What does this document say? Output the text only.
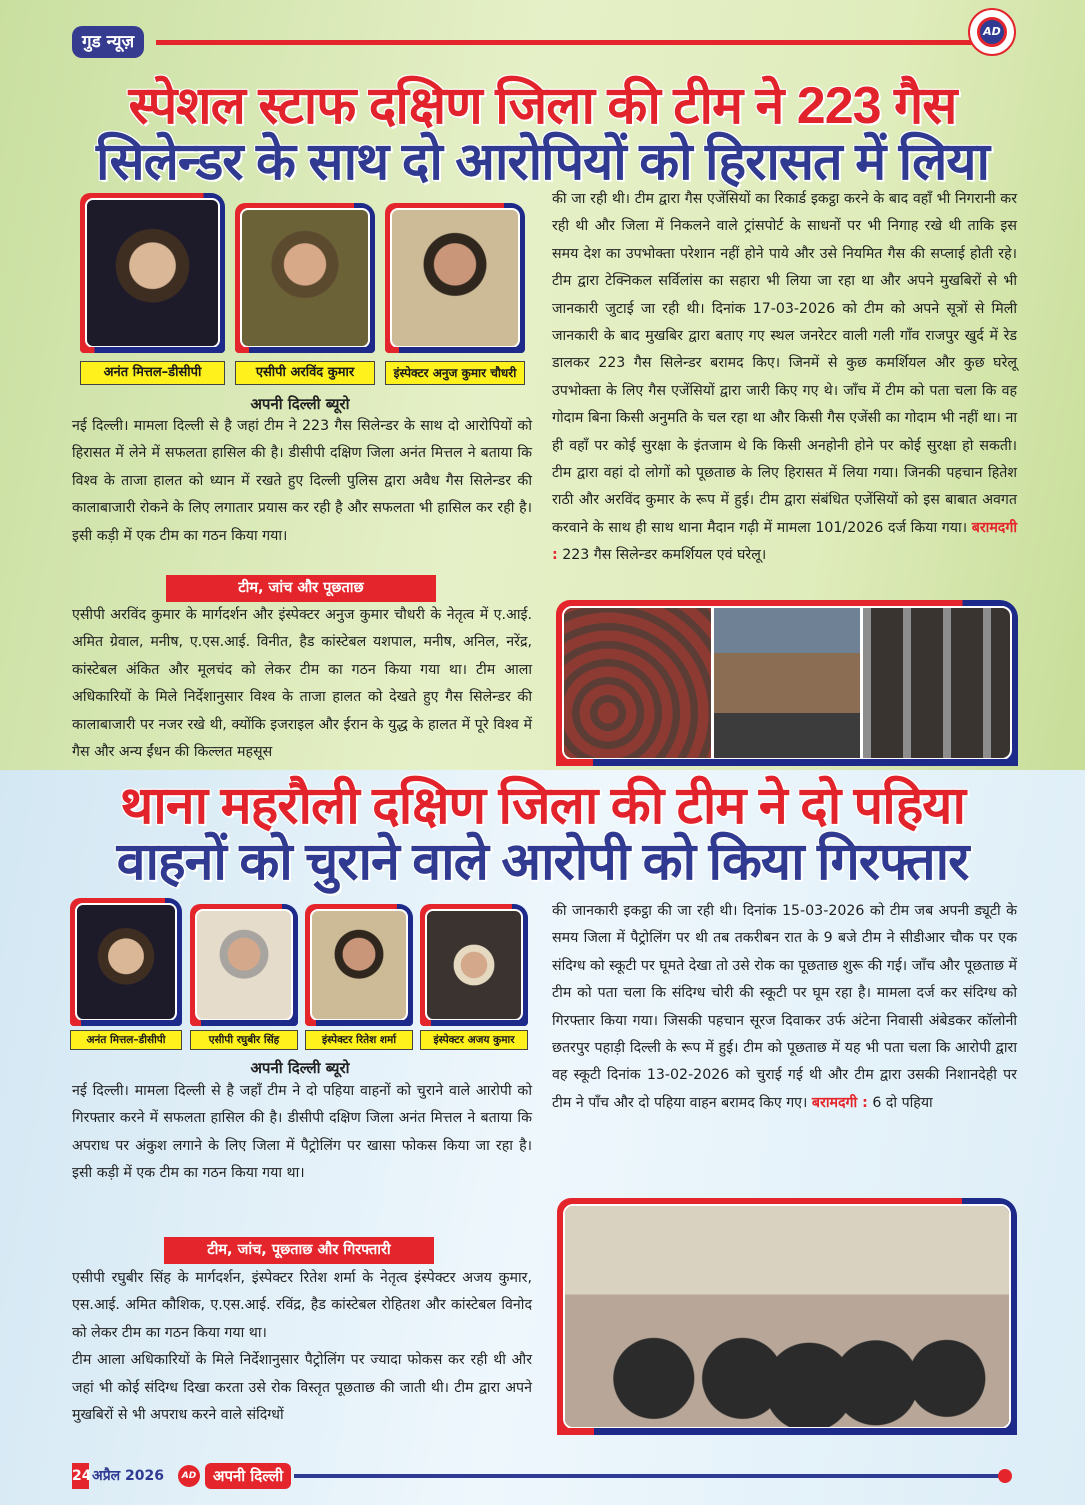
गुड न्यूज़
AD
स्पेशल स्टाफ दक्षिण जिला की टीम ने 223 गैस
सिलेन्डर के साथ दो आरोपियों को हिरासत में लिया
अनंत मित्तल–डीसीपी	एसीपी अरविंद कुमार	इंस्पेक्टर अनुज कुमार चौधरी
अपनी दिल्ली ब्यूरो
नई दिल्ली। मामला दिल्ली से है जहां टीम ने 223 गैस सिलेन्डर के साथ दो आरोपियों को हिरासत में लेने में सफलता हासिल की है। डीसीपी दक्षिण जिला अनंत मित्तल ने बताया कि विश्व के ताजा हालत को ध्यान में रखते हुए दिल्ली पुलिस द्वारा अवैध गैस सिलेन्डर की कालाबाजारी रोकने के लिए लगातार प्रयास कर रही है और सफलता भी हासिल कर रही है। इसी कड़ी में एक टीम का गठन किया गया।
टीम, जांच और पूछताछ
एसीपी अरविंद कुमार के मार्गदर्शन और इंस्पेक्टर अनुज कुमार चौधरी के नेतृत्व में ए.आई. अमित ग्रेवाल, मनीष, ए.एस.आई. विनीत, हैड कांस्टेबल यशपाल, मनीष, अनिल, नरेंद्र, कांस्टेबल अंकित और मूलचंद को लेकर टीम का गठन किया गया था। टीम आला अधिकारियों के मिले निर्देशानुसार विश्व के ताजा हालत को देखते हुए गैस सिलेन्डर की कालाबाजारी पर नजर रखे थी, क्योंकि इजराइल और ईरान के युद्ध के हालत में पूरे विश्व में गैस और अन्य ईंधन की किल्लत महसूस
की जा रही थी। टीम द्वारा गैस एजेंसियों का रिकार्ड इकट्ठा करने के बाद वहाँ भी निगरानी कर रही थी और जिला में निकलने वाले ट्रांसपोर्ट के साधनों पर भी निगाह रखे थी ताकि इस समय देश का उपभोक्ता परेशान नहीं होने पाये और उसे नियमित गैस की सप्लाई होती रहे। टीम द्वारा टेक्निकल सर्विलांस का सहारा भी लिया जा रहा था और अपने मुखबिरों से भी जानकारी जुटाई जा रही थी। दिनांक 17-03-2026 को टीम को अपने सूत्रों से मिली जानकारी के बाद मुखबिर द्वारा बताए गए स्थल जनरेटर वाली गली गाँव राजपुर खुर्द में रेड डालकर 223 गैस सिलेन्डर बरामद किए। जिनमें से कुछ कमर्शियल और कुछ घरेलू उपभोक्ता के लिए गैस एजेंसियों द्वारा जारी किए गए थे। जाँच में टीम को पता चला कि वह गोदाम बिना किसी अनुमति के चल रहा था और किसी गैस एजेंसी का गोदाम भी नहीं था। ना ही वहाँ पर कोई सुरक्षा के इंतजाम थे कि किसी अनहोनी होने पर कोई सुरक्षा हो सकती। टीम द्वारा वहां दो लोगों को पूछताछ के लिए हिरासत में लिया गया। जिनकी पहचान हितेश राठी और अरविंद कुमार के रूप में हुई। टीम द्वारा संबंधित एजेंसियों को इस बाबात अवगत करवाने के साथ ही साथ थाना मैदान गढ़ी में मामला 101/2026 दर्ज किया गया। बरामदगी : 223 गैस सिलेन्डर कमर्शियल एवं घरेलू।
थाना महरौली दक्षिण जिला की टीम ने दो पहिया
वाहनों को चुराने वाले आरोपी को किया गिरफ्तार
अनंत मित्तल–डीसीपी	एसीपी रघुबीर सिंह	इंस्पेक्टर रितेश शर्मा	इंस्पेक्टर अजय कुमार
अपनी दिल्ली ब्यूरो
नई दिल्ली। मामला दिल्ली से है जहाँ टीम ने दो पहिया वाहनों को चुराने वाले आरोपी को गिरफ्तार करने में सफलता हासिल की है। डीसीपी दक्षिण जिला अनंत मित्तल ने बताया कि अपराध पर अंकुश लगाने के लिए जिला में पैट्रोलिंग पर खासा फोकस किया जा रहा है। इसी कड़ी में एक टीम का गठन किया गया था।
टीम, जांच, पूछताछ और गिरफ्तारी

एसीपी रघुबीर सिंह के मार्गदर्शन, इंस्पेक्टर रितेश शर्मा के नेतृत्व इंस्पेक्टर अजय कुमार, एस.आई. अमित कौशिक, ए.एस.आई. रविंद्र, हैड कांस्टेबल रोहितश और कांस्टेबल विनोद को लेकर टीम का गठन किया गया था।

टीम आला अधिकारियों के मिले निर्देशानुसार पैट्रोलिंग पर ज्यादा फोकस कर रही थी और जहां भी कोई संदिग्ध दिखा करता उसे रोक विस्तृत पूछताछ की जाती थी। टीम द्वारा अपने मुखबिरों से भी अपराध करने वाले संदिग्धों

की जानकारी इकट्ठा की जा रही थी। दिनांक 15-03-2026 को टीम जब अपनी ड्यूटी के समय जिला में पैट्रोलिंग पर थी तब तकरीबन रात के 9 बजे टीम ने सीडीआर चौक पर एक संदिग्ध को स्कूटी पर घूमते देखा तो उसे रोक का पूछताछ शुरू की गई। जाँच और पूछताछ में टीम को पता चला कि संदिग्ध चोरी की स्कूटी पर घूम रहा है। मामला दर्ज कर संदिग्ध को गिरफ्तार किया गया। जिसकी पहचान सूरज दिवाकर उर्फ अंटेना निवासी अंबेडकर कॉलोनी छतरपुर पहाड़ी दिल्ली के रूप में हुई। टीम को पूछताछ में यह भी पता चला कि आरोपी द्वारा वह स्कूटी दिनांक 13-02-2026 को चुराई गई थी और टीम द्वारा उसकी निशानदेही पर टीम ने पाँच और दो पहिया वाहन बरामद किए गए। बरामदगी : 6 दो पहिया
24 अप्रैल 2026	AD	अपनी दिल्ली
